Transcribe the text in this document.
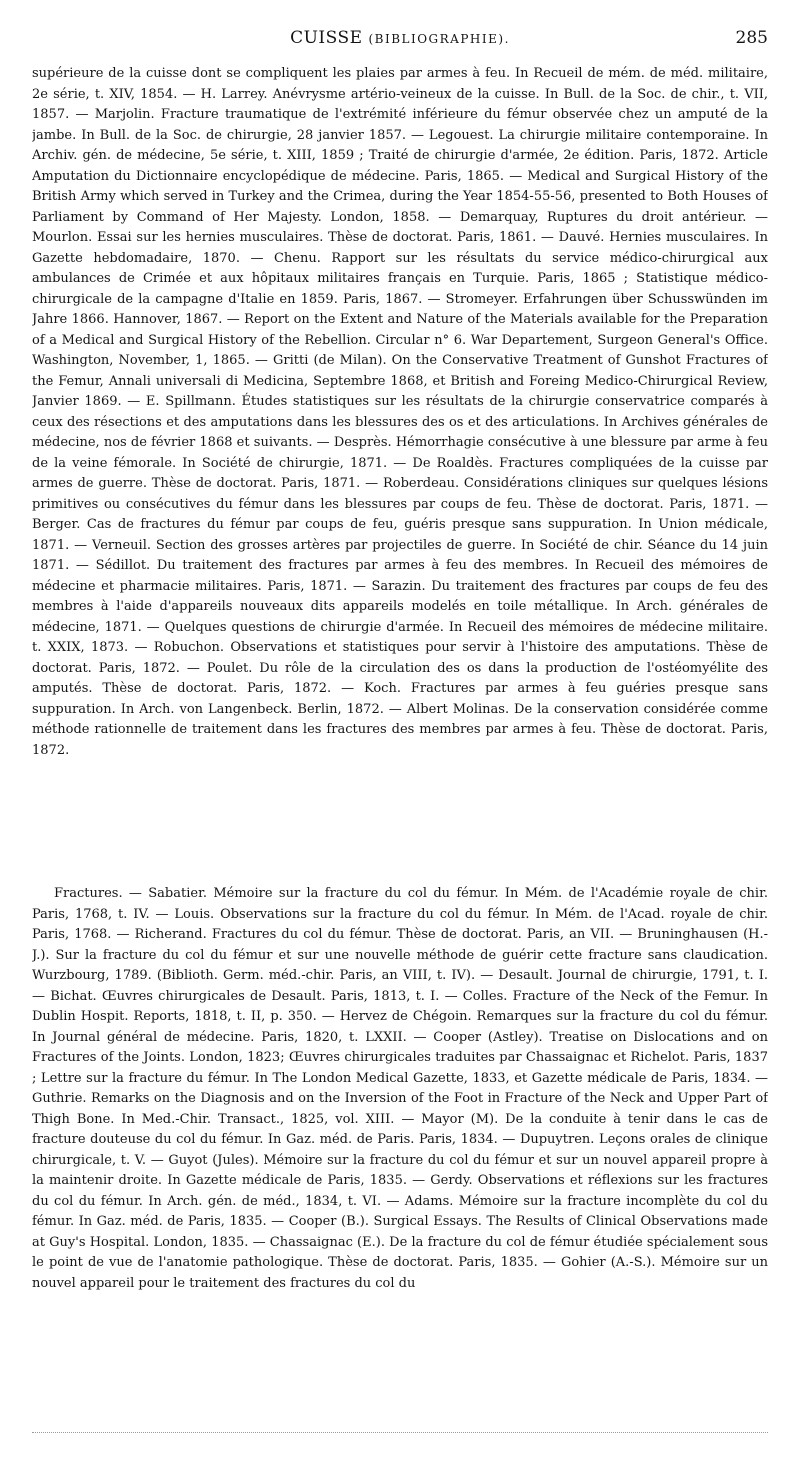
CUISSE (BIBLIOGRAPHIE).	285

supérieure de la cuisse dont se compliquent les plaies par armes à feu. In Recueil de mém. de méd. militaire, 2e série, t. XIV, 1854. — H. Larrey. Anévrysme artério-veineux de la cuisse. In Bull. de la Soc. de chir., t. VII, 1857. — Marjolin. Fracture traumatique de l'extrémité inférieure du fémur observée chez un amputé de la jambe. In Bull. de la Soc. de chirurgie, 28 janvier 1857. — Legouest. La chirurgie militaire contemporaine. In Archiv. gén. de médecine, 5e série, t. XIII, 1859 ; Traité de chirurgie d'armée, 2e édition. Paris, 1872. Article Amputation du Dictionnaire encyclopédique de médecine. Paris, 1865. — Medical and Surgical History of the British Army which served in Turkey and the Crimea, during the Year 1854-55-56, presented to Both Houses of Parliament by Command of Her Majesty. London, 1858. — Demarquay, Ruptures du droit antérieur. — Mourlon. Essai sur les hernies musculaires. Thèse de doctorat. Paris, 1861. — Dauvé. Hernies musculaires. In Gazette hebdomadaire, 1870. — Chenu. Rapport sur les résultats du service médico-chirurgical aux ambulances de Crimée et aux hôpitaux militaires français en Turquie. Paris, 1865 ; Statistique médico-chirurgicale de la campagne d'Italie en 1859. Paris, 1867. — Stromeyer. Erfahrungen über Schusswünden im Jahre 1866. Hannover, 1867. — Report on the Extent and Nature of the Materials available for the Preparation of a Medical and Surgical History of the Rebellion. Circular n° 6. War Departement, Surgeon General's Office. Washington, November, 1, 1865. — Gritti (de Milan). On the Conservative Treatment of Gunshot Fractures of the Femur, Annali universali di Medicina, Septembre 1868, et British and Foreing Medico-Chirurgical Review, Janvier 1869. — E. Spillmann. Études statistiques sur les résultats de la chirurgie conservatrice comparés à ceux des résections et des amputations dans les blessures des os et des articulations. In Archives générales de médecine, nos de février 1868 et suivants. — Desprès. Hémorrhagie consécutive à une blessure par arme à feu de la veine fémorale. In Société de chirurgie, 1871. — De Roaldès. Fractures compliquées de la cuisse par armes de guerre. Thèse de doctorat. Paris, 1871. — Roberdeau. Considérations cliniques sur quelques lésions primitives ou consécutives du fémur dans les blessures par coups de feu. Thèse de doctorat. Paris, 1871. — Berger. Cas de fractures du fémur par coups de feu, guéris presque sans suppuration. In Union médicale, 1871. — Verneuil. Section des grosses artères par projectiles de guerre. In Société de chir. Séance du 14 juin 1871. — Sédillot. Du traitement des fractures par armes à feu des membres. In Recueil des mémoires de médecine et pharmacie militaires. Paris, 1871. — Sarazin. Du traitement des fractures par coups de feu des membres à l'aide d'appareils nouveaux dits appareils modelés en toile métallique. In Arch. générales de médecine, 1871. — Quelques questions de chirurgie d'armée. In Recueil des mémoires de médecine militaire. t. XXIX, 1873. — Robuchon. Observations et statistiques pour servir à l'histoire des amputations. Thèse de doctorat. Paris, 1872. — Poulet. Du rôle de la circulation des os dans la production de l'ostéomyélite des amputés. Thèse de doctorat. Paris, 1872. — Koch. Fractures par armes à feu guéries presque sans suppuration. In Arch. von Langenbeck. Berlin, 1872. — Albert Molinas. De la conservation considérée comme méthode rationnelle de traitement dans les fractures des membres par armes à feu. Thèse de doctorat. Paris, 1872.

Fractures. — Sabatier. Mémoire sur la fracture du col du fémur. In Mém. de l'Académie royale de chir. Paris, 1768, t. IV. — Louis. Observations sur la fracture du col du fémur. In Mém. de l'Acad. royale de chir. Paris, 1768. — Richerand. Fractures du col du fémur. Thèse de doctorat. Paris, an VII. — Bruninghausen (H.-J.). Sur la fracture du col du fémur et sur une nouvelle méthode de guérir cette fracture sans claudication. Wurzbourg, 1789. (Biblioth. Germ. méd.-chir. Paris, an VIII, t. IV). — Desault. Journal de chirurgie, 1791, t. I. — Bichat. Œuvres chirurgicales de Desault. Paris, 1813, t. I. — Colles. Fracture of the Neck of the Femur. In Dublin Hospit. Reports, 1818, t. II, p. 350. — Hervez de Chégoin. Remarques sur la fracture du col du fémur. In Journal général de médecine. Paris, 1820, t. LXXII. — Cooper (Astley). Treatise on Dislocations and on Fractures of the Joints. London, 1823; Œuvres chirurgicales traduites par Chassaignac et Richelot. Paris, 1837 ; Lettre sur la fracture du fémur. In The London Medical Gazette, 1833, et Gazette médicale de Paris, 1834. — Guthrie. Remarks on the Diagnosis and on the Inversion of the Foot in Fracture of the Neck and Upper Part of Thigh Bone. In Med.-Chir. Transact., 1825, vol. XIII. — Mayor (M). De la conduite à tenir dans le cas de fracture douteuse du col du fémur. In Gaz. méd. de Paris. Paris, 1834. — Dupuytren. Leçons orales de clinique chirurgicale, t. V. — Guyot (Jules). Mémoire sur la fracture du col du fémur et sur un nouvel appareil propre à la maintenir droite. In Gazette médicale de Paris, 1835. — Gerdy. Observations et réflexions sur les fractures du col du fémur. In Arch. gén. de méd., 1834, t. VI. — Adams. Mémoire sur la fracture incomplète du col du fémur. In Gaz. méd. de Paris, 1835. — Cooper (B.). Surgical Essays. The Results of Clinical Observations made at Guy's Hospital. London, 1835. — Chassaignac (E.). De la fracture du col de fémur étudiée spécialement sous le point de vue de l'anatomie pathologique. Thèse de doctorat. Paris, 1835. — Gohier (A.-S.). Mémoire sur un nouvel appareil pour le traitement des fractures du col du
